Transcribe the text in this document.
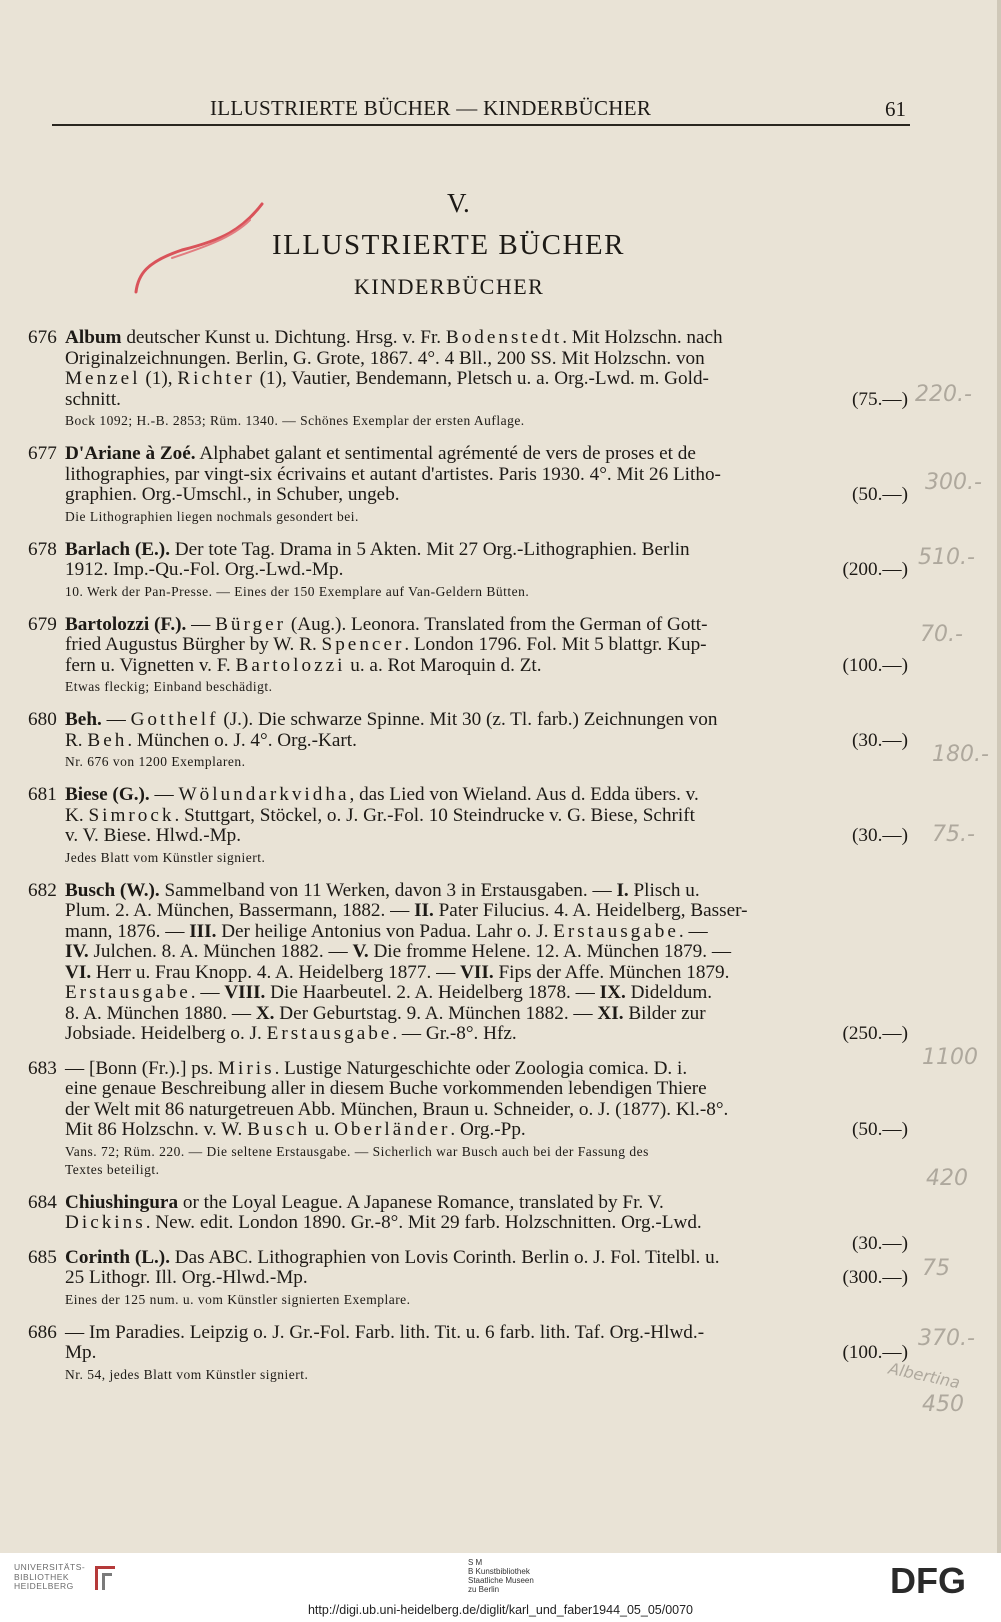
ILLUSTRIERTE BÜCHER — KINDERBÜCHER	61
V.
ILLUSTRIERTE BÜCHER
KINDERBÜCHER
676 Album deutscher Kunst u. Dichtung. Hrsg. v. Fr. Bodenstedt. Mit Holzschn. nach
Originalzeichnungen. Berlin, G. Grote, 1867. 4°. 4 Bll., 200 SS. Mit Holzschn. von
Menzel (1), Richter (1), Vautier, Bendemann, Pletsch u. a. Org.-Lwd. m. Gold-
schnitt.	(75.—)
Bock 1092; H.-B. 2853; Rüm. 1340. — Schönes Exemplar der ersten Auflage.
677 D'Ariane à Zoé. Alphabet galant et sentimental agrémenté de vers de proses et de
lithographies, par vingt-six écrivains et autant d'artistes. Paris 1930. 4°. Mit 26 Litho-
graphien. Org.-Umschl., in Schuber, ungeb.	(50.—)
Die Lithographien liegen nochmals gesondert bei.
678 Barlach (E.). Der tote Tag. Drama in 5 Akten. Mit 27 Org.-Lithographien. Berlin
1912. Imp.-Qu.-Fol. Org.-Lwd.-Mp.	(200.—)
10. Werk der Pan-Presse. — Eines der 150 Exemplare auf Van-Geldern Bütten.
679 Bartolozzi (F.). — Bürger (Aug.). Leonora. Translated from the German of Gott-
fried Augustus Bürgher by W. R. Spencer. London 1796. Fol. Mit 5 blattgr. Kup-
fern u. Vignetten v. F. Bartolozzi u. a. Rot Maroquin d. Zt.	(100.—)
Etwas fleckig; Einband beschädigt.
680 Beh. — Gotthelf (J.). Die schwarze Spinne. Mit 30 (z. Tl. farb.) Zeichnungen von
R. Beh. München o. J. 4°. Org.-Kart.	(30.—)
Nr. 676 von 1200 Exemplaren.
681 Biese (G.). — Wölundarkvidha, das Lied von Wieland. Aus d. Edda übers. v.
K. Simrock. Stuttgart, Stöckel, o. J. Gr.-Fol. 10 Steindrucke v. G. Biese, Schrift
v. V. Biese. Hlwd.-Mp.	(30.—)
Jedes Blatt vom Künstler signiert.
682 Busch (W.). Sammelband von 11 Werken, davon 3 in Erstausgaben. — I. Plisch u.
Plum. 2. A. München, Bassermann, 1882. — II. Pater Filucius. 4. A. Heidelberg, Basser-
mann, 1876. — III. Der heilige Antonius von Padua. Lahr o. J. Erstausgabe. —
IV. Julchen. 8. A. München 1882. — V. Die fromme Helene. 12. A. München 1879. —
VI. Herr u. Frau Knopp. 4. A. Heidelberg 1877. — VII. Fips der Affe. München 1879.
Erstausgabe. — VIII. Die Haarbeutel. 2. A. Heidelberg 1878. — IX. Dideldum.
8. A. München 1880. — X. Der Geburtstag. 9. A. München 1882. — XI. Bilder zur
Jobsiade. Heidelberg o. J. Erstausgabe. — Gr.-8°. Hfz.	(250.—)
683 — [Bonn (Fr.).] ps. Miris. Lustige Naturgeschichte oder Zoologia comica. D. i.
eine genaue Beschreibung aller in diesem Buche vorkommenden lebendigen Thiere
der Welt mit 86 naturgetreuen Abb. München, Braun u. Schneider, o. J. (1877). Kl.-8°.
Mit 86 Holzschn. v. W. Busch u. Oberländer. Org.-Pp.	(50.—)
Vans. 72; Rüm. 220. — Die seltene Erstausgabe. — Sicherlich war Busch auch bei der Fassung des
Textes beteiligt.
684 Chiushingura or the Loyal League. A Japanese Romance, translated by Fr. V.
Dickins. New. edit. London 1890. Gr.-8°. Mit 29 farb. Holzschnitten. Org.-Lwd.
(30.—)
685 Corinth (L.). Das ABC. Lithographien von Lovis Corinth. Berlin o. J. Fol. Titelbl. u.
25 Lithogr. Ill. Org.-Hlwd.-Mp.	(300.—)
Eines der 125 num. u. vom Künstler signierten Exemplare.
686 — Im Paradies. Leipzig o. J. Gr.-Fol. Farb. lith. Tit. u. 6 farb. lith. Taf. Org.-Hlwd.-
Mp.	(100.—)
Nr. 54, jedes Blatt vom Künstler signiert.
220.-
300.-
510.-
70.-
180.-
75.-
1100
420
75
370.-
Albertina
450
UNIVERSITÄTS-
BIBLIOTHEK
HEIDELBERG
S M
B Kunstbibliothek
Staatliche Museen
zu Berlin	DFG
http://digi.ub.uni-heidelberg.de/diglit/karl_und_faber1944_05_05/0070
